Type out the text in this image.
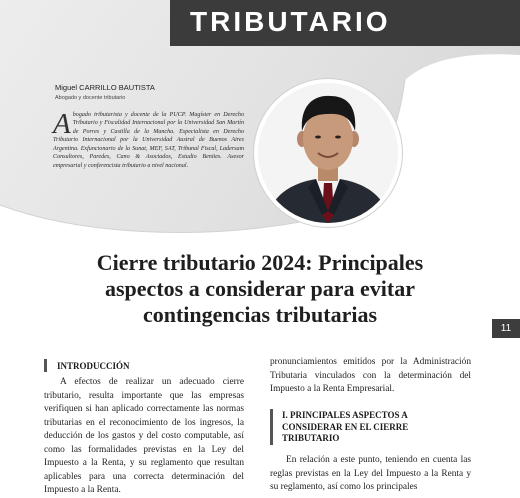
TRIBUTARIO
Miguel CARRILLO BAUTISTA
Abogado y docente tributario

Abogado tributarista y docente de la PUCP. Magíster en Derecho Tributario y Fiscalidad Internacional por la Universidad San Martín de Porres y Castilla de la Mancha. Especialista en Derecho Tributario Internacional por la Universidad Austral de Buenos Aires Argentina. Exfuncionario de la Sunat, MEF, SAT, Tribunal Fiscal, Ladersam Consultores, Paredes, Cano & Asociados, Estudio Benites. Asesor empresarial y conferencista tributario a nivel nacional.

Cierre tributario 2024: Principales aspectos a considerar para evitar contingencias tributarias
11
INTRODUCCIÓN

A efectos de realizar un adecuado cierre tributario, resulta importante que las empresas verifiquen si han aplicado correctamente las normas tributarias en el reconocimiento de los ingresos, la deducción de los gastos y del costo computable, así como las formalidades previstas en la Ley del Impuesto a la Renta, y su reglamento que resultan aplicables para una correcta determinación del Impuesto a la Renta.

pronunciamientos emitidos por la Administración Tributaria vinculados con la determinación del Impuesto a la Renta Empresarial.

I. PRINCIPALES ASPECTOS A CONSIDERAR EN EL CIERRE TRIBUTARIO

En relación a este punto, teniendo en cuenta las reglas previstas en la Ley del Impuesto a la Renta y su reglamento, así como los principales
